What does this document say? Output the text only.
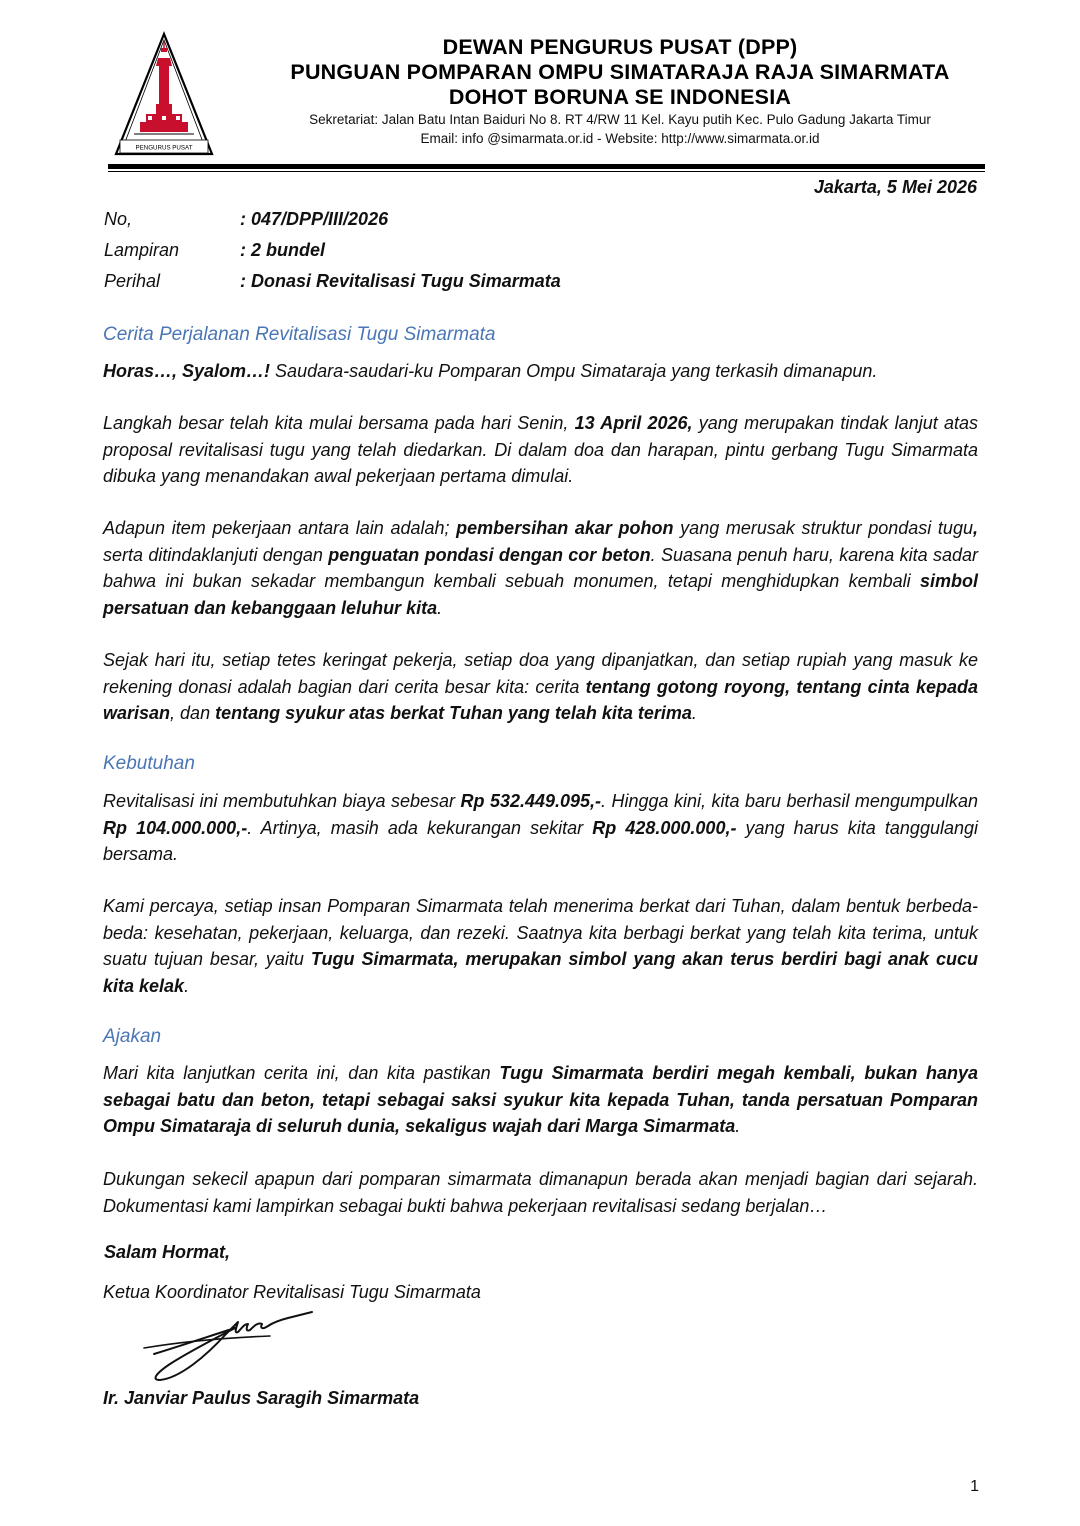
PENGURUS PUSAT
DEWAN PENGURUS PUSAT (DPP)
PUNGUAN POMPARAN OMPU SIMATARAJA RAJA SIMARMATA
DOHOT BORUNA SE INDONESIA
Sekretariat: Jalan Batu Intan Baiduri No 8. RT 4/RW 11 Kel. Kayu putih Kec. Pulo Gadung Jakarta Timur
Email: info @simarmata.or.id - Website: http://www.simarmata.or.id
Jakarta, 5 Mei 2026
No,	: 047/DPP/III/2026
Lampiran	: 2 bundel
Perihal	: Donasi Revitalisasi Tugu Simarmata
Cerita Perjalanan Revitalisasi Tugu Simarmata
Horas…, Syalom…! Saudara-saudari-ku Pomparan Ompu Simataraja yang terkasih dimanapun.
Langkah besar telah kita mulai bersama pada hari Senin, 13 April 2026, yang merupakan tindak lanjut atas proposal revitalisasi tugu yang telah diedarkan. Di dalam doa dan harapan, pintu gerbang Tugu Simarmata dibuka yang menandakan awal pekerjaan pertama dimulai.
Adapun item pekerjaan antara lain adalah; pembersihan akar pohon yang merusak struktur pondasi tugu, serta ditindaklanjuti dengan penguatan pondasi dengan cor beton. Suasana penuh haru, karena kita sadar bahwa ini bukan sekadar membangun kembali sebuah monumen, tetapi menghidupkan kembali simbol persatuan dan kebanggaan leluhur kita.
Sejak hari itu, setiap tetes keringat pekerja, setiap doa yang dipanjatkan, dan setiap rupiah yang masuk ke rekening donasi adalah bagian dari cerita besar kita: cerita tentang gotong royong, tentang cinta kepada warisan, dan tentang syukur atas berkat Tuhan yang telah kita terima.
Kebutuhan
Revitalisasi ini membutuhkan biaya sebesar Rp 532.449.095,-. Hingga kini, kita baru berhasil mengumpulkan Rp 104.000.000,-. Artinya, masih ada kekurangan sekitar Rp 428.000.000,- yang harus kita tanggulangi bersama.
Kami percaya, setiap insan Pomparan Simarmata telah menerima berkat dari Tuhan, dalam bentuk berbeda-beda: kesehatan, pekerjaan, keluarga, dan rezeki. Saatnya kita berbagi berkat yang telah kita terima, untuk suatu tujuan besar, yaitu Tugu Simarmata, merupakan simbol yang akan terus berdiri bagi anak cucu kita kelak.
Ajakan
Mari kita lanjutkan cerita ini, dan kita pastikan Tugu Simarmata berdiri megah kembali, bukan hanya sebagai batu dan beton, tetapi sebagai saksi syukur kita kepada Tuhan, tanda persatuan Pomparan Ompu Simataraja di seluruh dunia, sekaligus wajah dari Marga Simarmata.
Dukungan sekecil apapun dari pomparan simarmata dimanapun berada akan menjadi bagian dari sejarah. Dokumentasi kami lampirkan sebagai bukti bahwa pekerjaan revitalisasi sedang berjalan…
Salam Hormat,
Ketua Koordinator Revitalisasi Tugu Simarmata
Ir. Janviar Paulus Saragih Simarmata
1
